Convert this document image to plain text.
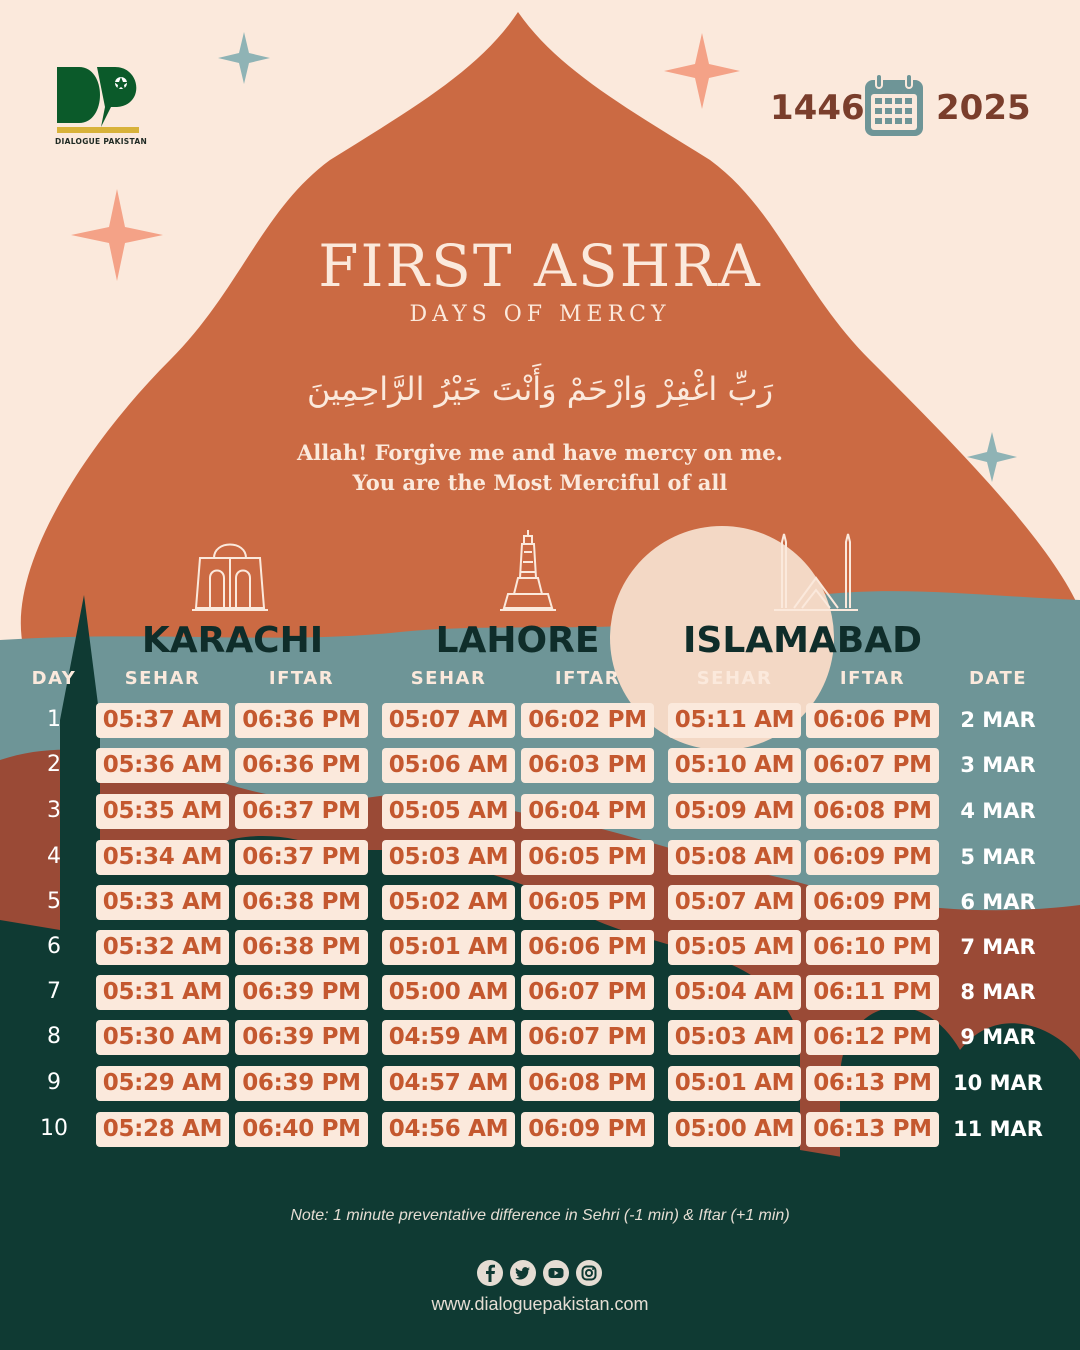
DIALOGUE PAKISTAN
1446 2025
FIRST ASHRA
DAYS OF MERCY
رَبِّ اغْفِرْ وَارْحَمْ وَأَنْتَ خَيْرُ الرَّاحِمِينَ
Allah! Forgive me and have mercy on me.
You are the Most Merciful of all
KARACHI	LAHORE	ISLAMABAD
DAY	SEHAR	IFTAR	SEHAR	IFTAR	SEHAR	IFTAR	DATE
1	05:37 AM 06:36 PM	05:07 AM 06:02 PM	05:11 AM 06:06 PM	2 MAR
2	05:36 AM 06:36 PM	05:06 AM 06:03 PM	05:10 AM 06:07 PM	3 MAR
3	05:35 AM 06:37 PM	05:05 AM 06:04 PM	05:09 AM 06:08 PM	4 MAR
4	05:34 AM 06:37 PM	05:03 AM 06:05 PM	05:08 AM 06:09 PM	5 MAR
5	05:33 AM 06:38 PM	05:02 AM 06:05 PM	05:07 AM 06:09 PM	6 MAR
6	05:32 AM 06:38 PM	05:01 AM 06:06 PM	05:05 AM 06:10 PM	7 MAR
7	05:31 AM 06:39 PM	05:00 AM 06:07 PM	05:04 AM 06:11 PM	8 MAR
8	05:30 AM 06:39 PM	04:59 AM 06:07 PM	05:03 AM 06:12 PM	9 MAR
9	05:29 AM 06:39 PM	04:57 AM 06:08 PM	05:01 AM 06:13 PM	10 MAR
10	05:28 AM 06:40 PM	04:56 AM 06:09 PM	05:00 AM 06:13 PM	11 MAR
Note: 1 minute preventative difference in Sehri (-1 min) & Iftar (+1 min)
www.dialoguepakistan.com
